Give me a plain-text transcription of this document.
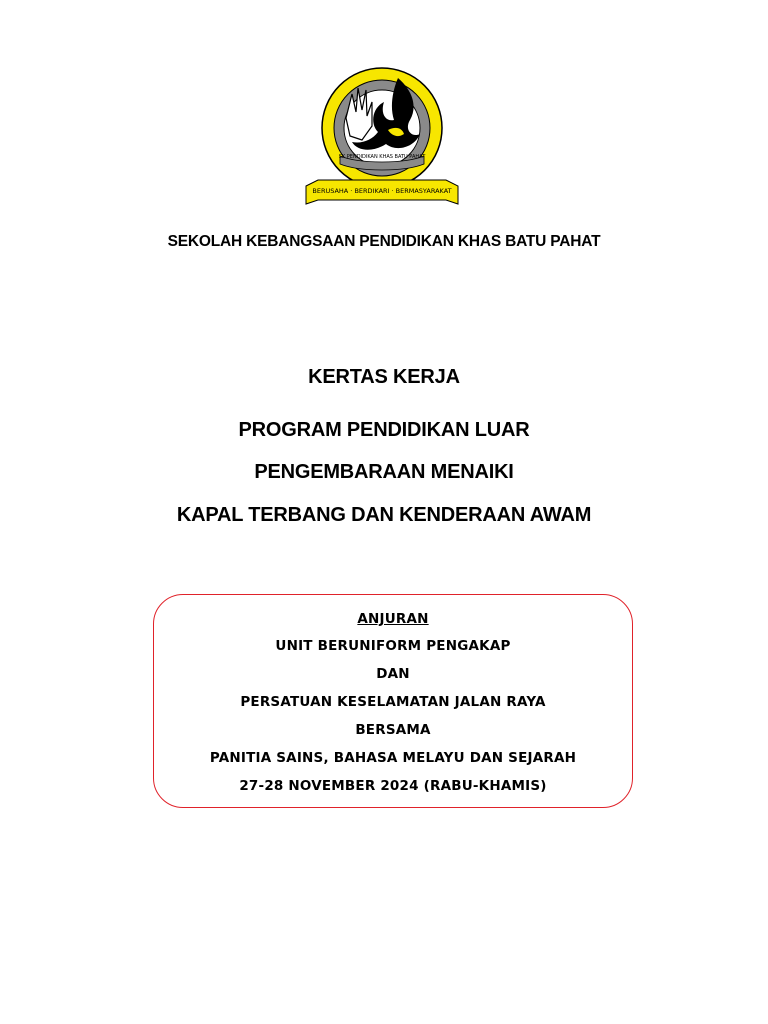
SK PENDIDIKAN KHAS BATU PAHAT
BERUSAHA · BERDIKARI · BERMASYARAKAT
SEKOLAH KEBANGSAAN PENDIDIKAN KHAS BATU PAHAT
KERTAS KERJA
PROGRAM PENDIDIKAN LUAR
PENGEMBARAAN MENAIKI
KAPAL TERBANG DAN KENDERAAN AWAM
ANJURAN
UNIT BERUNIFORM PENGAKAP
DAN
PERSATUAN KESELAMATAN JALAN RAYA
BERSAMA
PANITIA SAINS, BAHASA MELAYU DAN SEJARAH
27-28 NOVEMBER 2024 (RABU-KHAMIS)
